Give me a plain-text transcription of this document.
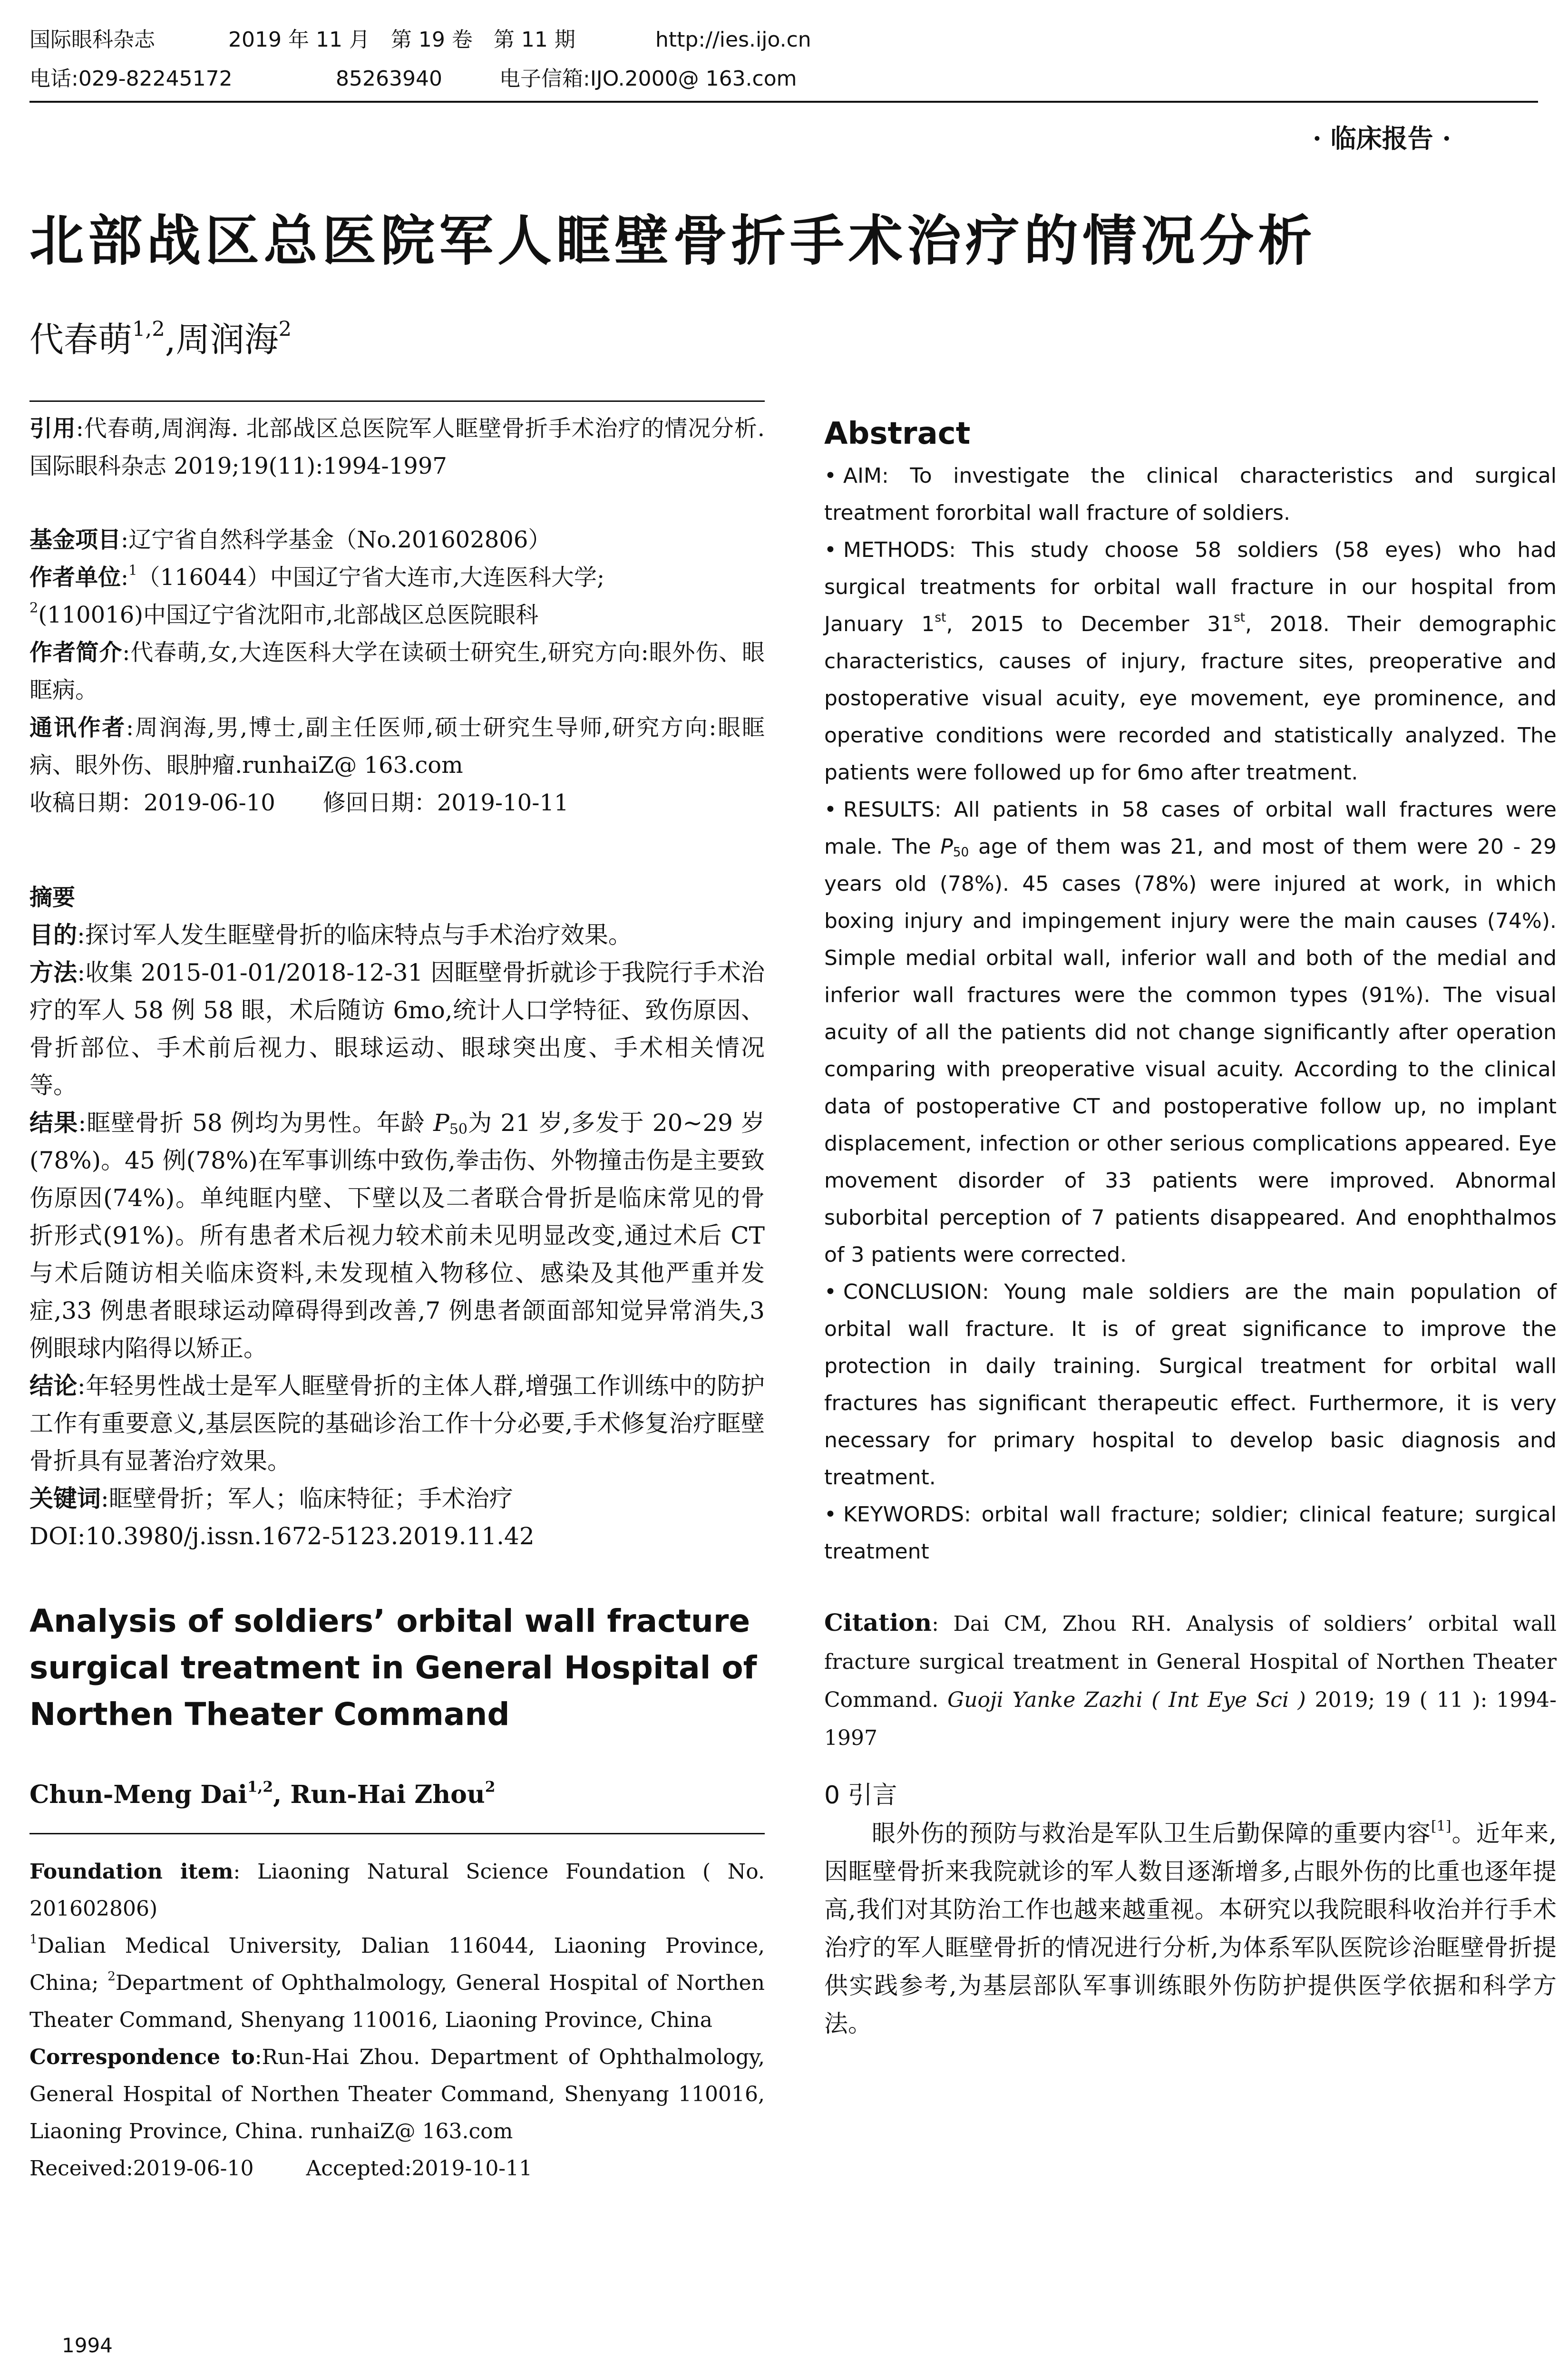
国际眼科杂志	2019 年 11 月　第 19 卷　第 11 期	http://ies.ijo.cn
电话:029-82245172	85263940	电子信箱:IJO.2000@ 163.com
· 临床报告 ·
北部战区总医院军人眶壁骨折手术治疗的情况分析
代春萌$^{1,2}$,周润海$^2$
引用:代春萌,周润海. 北部战区总医院军人眶壁骨折手术治疗的情况分析.国际眼科杂志 2019;19(11):1994-1997
基金项目:辽宁省自然科学基金（No.201602806）
作者单位:$^1$（116044）中国辽宁省大连市,大连医科大学;
$^2$(110016)中国辽宁省沈阳市,北部战区总医院眼科
作者简介:代春萌,女,大连医科大学在读硕士研究生,研究方向:眼外伤、眼眶病。
通讯作者:周润海,男,博士,副主任医师,硕士研究生导师,研究方向:眼眶病、眼外伤、眼肿瘤.runhaiZ@ 163.com
收稿日期：2019-06-10 修回日期：2019-10-11
摘要
目的:探讨军人发生眶壁骨折的临床特点与手术治疗效果。
方法:收集 2015-01-01/2018-12-31 因眶壁骨折就诊于我院行手术治疗的军人 58 例 58 眼，术后随访 6mo,统计人口学特征、致伤原因、骨折部位、手术前后视力、眼球运动、眼球突出度、手术相关情况等。
结果:眶壁骨折 58 例均为男性。年龄 $P_{50}$为 21 岁,多发于 20~29 岁(78%)。45 例(78%)在军事训练中致伤,拳击伤、外物撞击伤是主要致伤原因(74%)。单纯眶内壁、下壁以及二者联合骨折是临床常见的骨折形式(91%)。所有患者术后视力较术前未见明显改变,通过术后 CT 与术后随访相关临床资料,未发现植入物移位、感染及其他严重并发症,33 例患者眼球运动障碍得到改善,7 例患者颌面部知觉异常消失,3 例眼球内陷得以矫正。
结论:年轻男性战士是军人眶壁骨折的主体人群,增强工作训练中的防护工作有重要意义,基层医院的基础诊治工作十分必要,手术修复治疗眶壁骨折具有显著治疗效果。
关键词:眶壁骨折；军人；临床特征；手术治疗
DOI:10.3980/j.issn.1672-5123.2019.11.42
Analysis of soldiers’ orbital wall fracture surgical treatment in General Hospital of Northen Theater Command
Chun-Meng Dai$^{1,2}$, Run-Hai Zhou$^2$
Foundation item: Liaoning Natural Science Foundation ( No. 201602806)
$^1$Dalian Medical University, Dalian 116044, Liaoning Province, China; $^2$Department of Ophthalmology, General Hospital of Northen Theater Command, Shenyang 110016, Liaoning Province, China
Correspondence to:Run-Hai Zhou. Department of Ophthalmology, General Hospital of Northen Theater Command, Shenyang 110016, Liaoning Province, China. runhaiZ@ 163.com
Received:2019-06-10	Accepted:2019-10-11
1994
Abstract
• AIM: To investigate the clinical characteristics and surgical treatment fororbital wall fracture of soldiers.
• METHODS: This study choose 58 soldiers (58 eyes) who had surgical treatments for orbital wall fracture in our hospital from January 1st, 2015 to December 31st, 2018. Their demographic characteristics, causes of injury, fracture sites, preoperative and postoperative visual acuity, eye movement, eye prominence, and operative conditions were recorded and statistically analyzed. The patients were followed up for 6mo after treatment.
• RESULTS: All patients in 58 cases of orbital wall fractures were male. The $P_{50}$ age of them was 21, and most of them were 20 - 29 years old (78%). 45 cases (78%) were injured at work, in which boxing injury and impingement injury were the main causes (74%). Simple medial orbital wall, inferior wall and both of the medial and inferior wall fractures were the common types (91%). The visual acuity of all the patients did not change significantly after operation comparing with preoperative visual acuity. According to the clinical data of postoperative CT and postoperative follow up, no implant displacement, infection or other serious complications appeared. Eye movement disorder of 33 patients were improved. Abnormal suborbital perception of 7 patients disappeared. And enophthalmos of 3 patients were corrected.
• CONCLUSION: Young male soldiers are the main population of orbital wall fracture. It is of great significance to improve the protection in daily training. Surgical treatment for orbital wall fractures has significant therapeutic effect. Furthermore, it is very necessary for primary hospital to develop basic diagnosis and treatment.
• KEYWORDS: orbital wall fracture; soldier; clinical feature; surgical treatment
Citation: Dai CM, Zhou RH. Analysis of soldiers’ orbital wall fracture surgical treatment in General Hospital of Northen Theater Command. Guoji Yanke Zazhi ( Int Eye Sci ) 2019; 19 ( 11 ): 1994-1997
0 引言
眼外伤的预防与救治是军队卫生后勤保障的重要内容[1]。近年来,因眶壁骨折来我院就诊的军人数目逐渐增多,占眼外伤的比重也逐年提高,我们对其防治工作也越来越重视。本研究以我院眼科收治并行手术治疗的军人眶壁骨折的情况进行分析,为体系军队医院诊治眶壁骨折提供实践参考,为基层部队军事训练眼外伤防护提供医学依据和科学方法。
